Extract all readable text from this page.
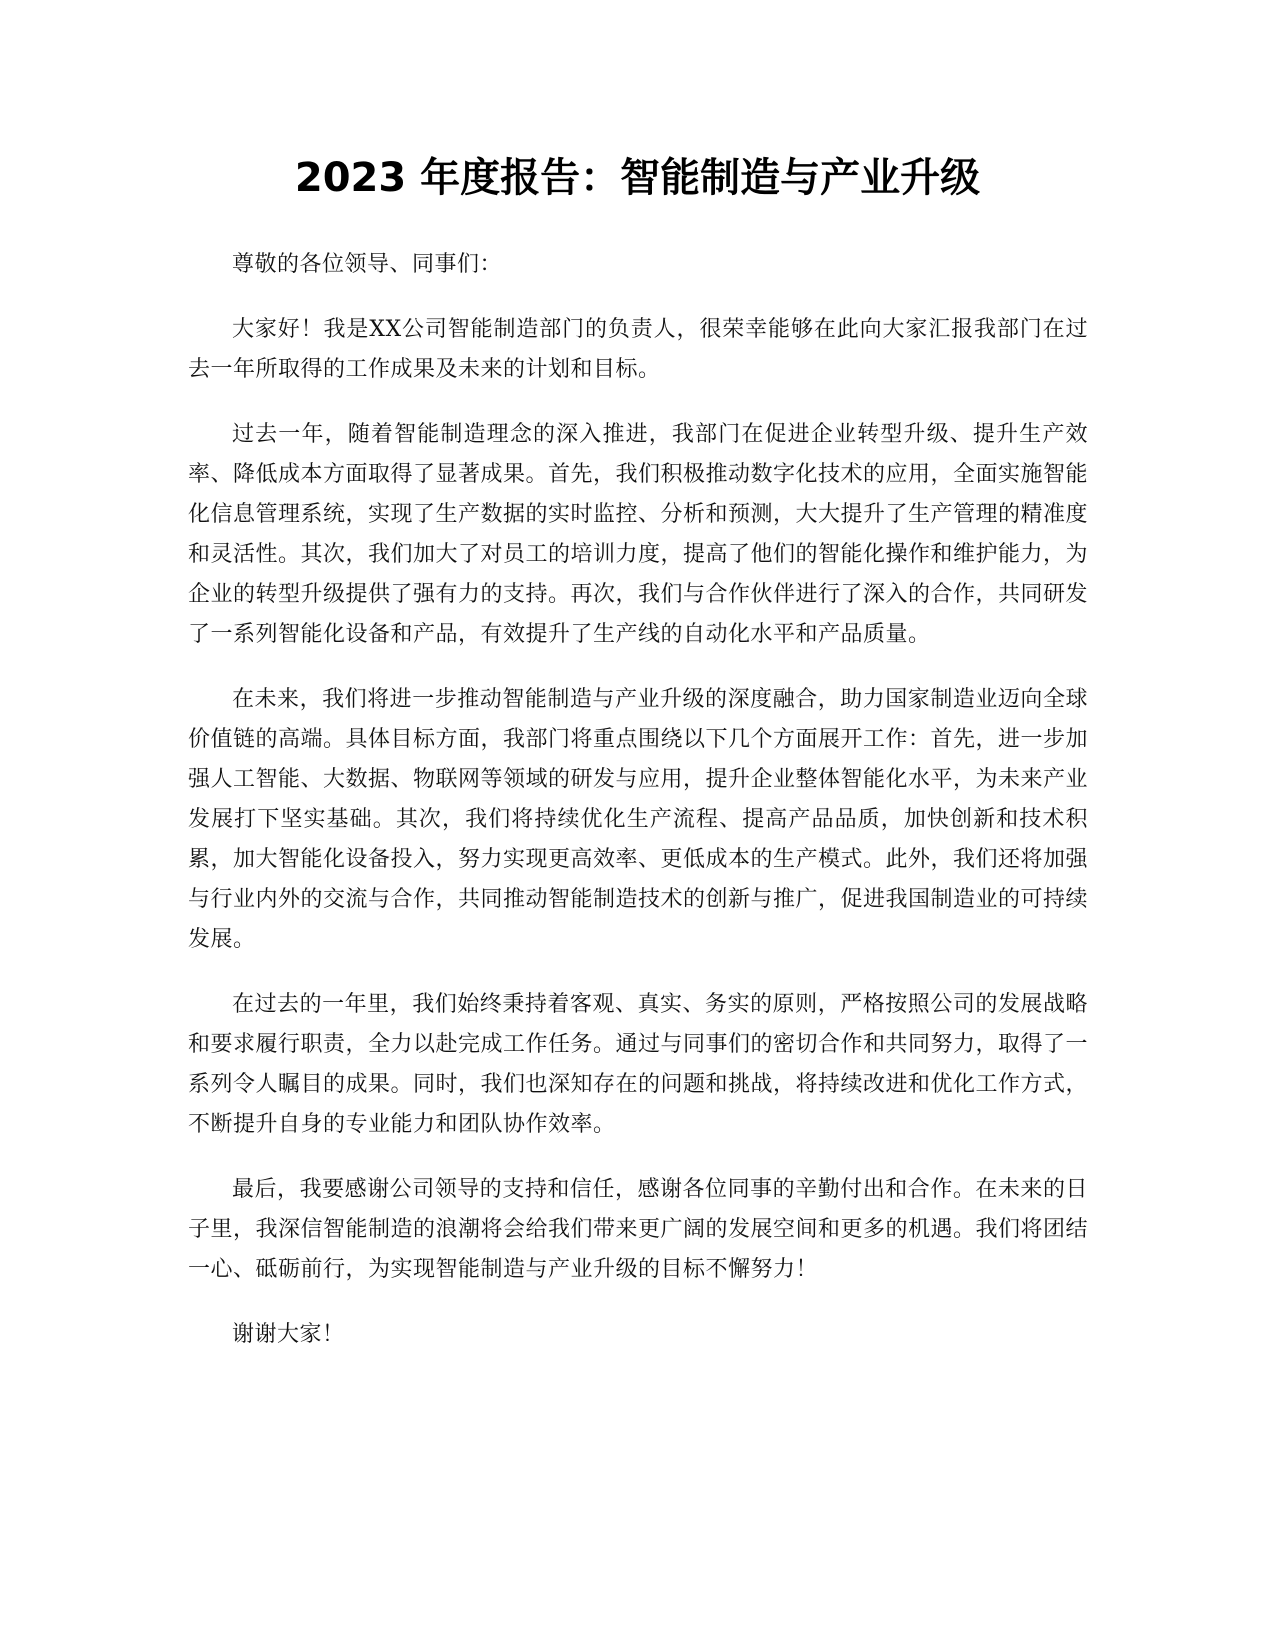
2023 年度报告：智能制造与产业升级

尊敬的各位领导、同事们：

大家好！我是XX公司智能制造部门的负责人，很荣幸能够在此向大家汇报我部门在过去一年所取得的工作成果及未来的计划和目标。

过去一年，随着智能制造理念的深入推进，我部门在促进企业转型升级、提升生产效率、降低成本方面取得了显著成果。首先，我们积极推动数字化技术的应用，全面实施智能化信息管理系统，实现了生产数据的实时监控、分析和预测，大大提升了生产管理的精准度和灵活性。其次，我们加大了对员工的培训力度，提高了他们的智能化操作和维护能力，为企业的转型升级提供了强有力的支持。再次，我们与合作伙伴进行了深入的合作，共同研发了一系列智能化设备和产品，有效提升了生产线的自动化水平和产品质量。

在未来，我们将进一步推动智能制造与产业升级的深度融合，助力国家制造业迈向全球价值链的高端。具体目标方面，我部门将重点围绕以下几个方面展开工作：首先，进一步加强人工智能、大数据、物联网等领域的研发与应用，提升企业整体智能化水平，为未来产业发展打下坚实基础。其次，我们将持续优化生产流程、提高产品品质，加快创新和技术积累，加大智能化设备投入，努力实现更高效率、更低成本的生产模式。此外，我们还将加强与行业内外的交流与合作，共同推动智能制造技术的创新与推广，促进我国制造业的可持续发展。

在过去的一年里，我们始终秉持着客观、真实、务实的原则，严格按照公司的发展战略和要求履行职责，全力以赴完成工作任务。通过与同事们的密切合作和共同努力，取得了一系列令人瞩目的成果。同时，我们也深知存在的问题和挑战，将持续改进和优化工作方式，不断提升自身的专业能力和团队协作效率。

最后，我要感谢公司领导的支持和信任，感谢各位同事的辛勤付出和合作。在未来的日子里，我深信智能制造的浪潮将会给我们带来更广阔的发展空间和更多的机遇。我们将团结一心、砥砺前行，为实现智能制造与产业升级的目标不懈努力！

谢谢大家！
